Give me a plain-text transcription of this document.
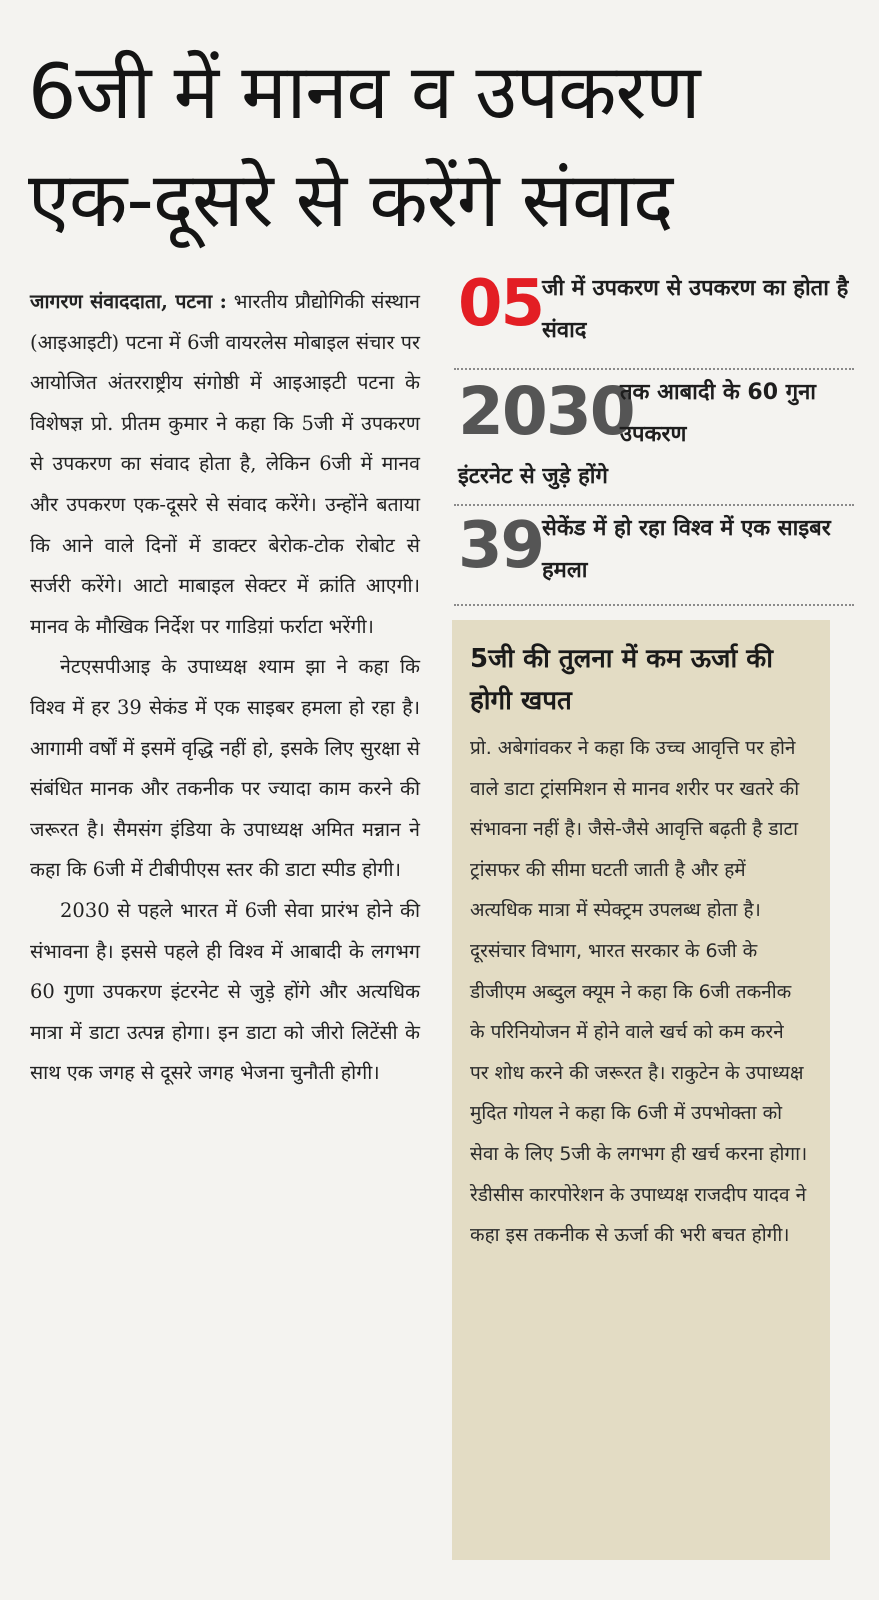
6जी में मानव व उपकरण
एक-दूसरे से करेंगे संवाद

जागरण संवाददाता, पटना : भारतीय प्रौद्योगिकी संस्थान (आइआइटी) पटना में 6जी वायरलेस मोबाइल संचार पर आयोजित अंतरराष्ट्रीय संगोष्ठी में आइआइटी पटना के विशेषज्ञ प्रो. प्रीतम कुमार ने कहा कि 5जी में उपकरण से उपकरण का संवाद होता है, लेकिन 6जी में मानव और उपकरण एक-दूसरे से संवाद करेंगे। उन्होंने बताया कि आने वाले दिनों में डाक्टर बेरोक-टोक रोबोट से सर्जरी करेंगे। आटो माबाइल सेक्टर में क्रांति आएगी। मानव के मौखिक निर्देश पर गाडिय़ां फर्राटा भरेंगी।

नेटएसपीआइ के उपाध्यक्ष श्याम झा ने कहा कि विश्व में हर 39 सेकंड में एक साइबर हमला हो रहा है। आगामी वर्षों में इसमें वृद्धि नहीं हो, इसके लिए सुरक्षा से संबंधित मानक और तकनीक पर ज्यादा काम करने की जरूरत है। सैमसंग इंडिया के उपाध्यक्ष अमित मन्नान ने कहा कि 6जी में टीबीपीएस स्तर की डाटा स्पीड होगी।

2030 से पहले भारत में 6जी सेवा प्रारंभ होने की संभावना है। इससे पहले ही विश्व में आबादी के लगभग 60 गुणा उपकरण इंटरनेट से जुड़े होंगे और अत्यधिक मात्रा में डाटा उत्पन्न होगा। इन डाटा को जीरो लिटेंसी के साथ एक जगह से दूसरे जगह भेजना चुनौती होगी।

05
जी में उपकरण से उपकरण का होता है संवाद
2030
तक आबादी के 60 गुना उपकरण
इंटरनेट से जुड़े होंगे
39
सेकेंड में हो रहा विश्व में एक साइबर हमला
5जी की तुलना में कम ऊर्जा की होगी खपत

प्रो. अबेगांवकर ने कहा कि उच्च आवृत्ति पर होने वाले डाटा ट्रांसमिशन से मानव शरीर पर खतरे की संभावना नहीं है। जैसे-जैसे आवृत्ति बढ़ती है डाटा ट्रांसफर की सीमा घटती जाती है और हमें अत्यधिक मात्रा में स्पेक्ट्रम उपलब्ध होता है। दूरसंचार विभाग, भारत सरकार के 6जी के डीजीएम अब्दुल क्यूम ने कहा कि 6जी तकनीक के परिनियोजन में होने वाले खर्च को कम करने पर शोध करने की जरूरत है। राकुटेन के उपाध्यक्ष मुदित गोयल ने कहा कि 6जी में उपभोक्ता को सेवा के लिए 5जी के लगभग ही खर्च करना होगा। रेडीसीस कारपोरेशन के उपाध्यक्ष राजदीप यादव ने कहा इस तकनीक से ऊर्जा की भरी बचत होगी।
